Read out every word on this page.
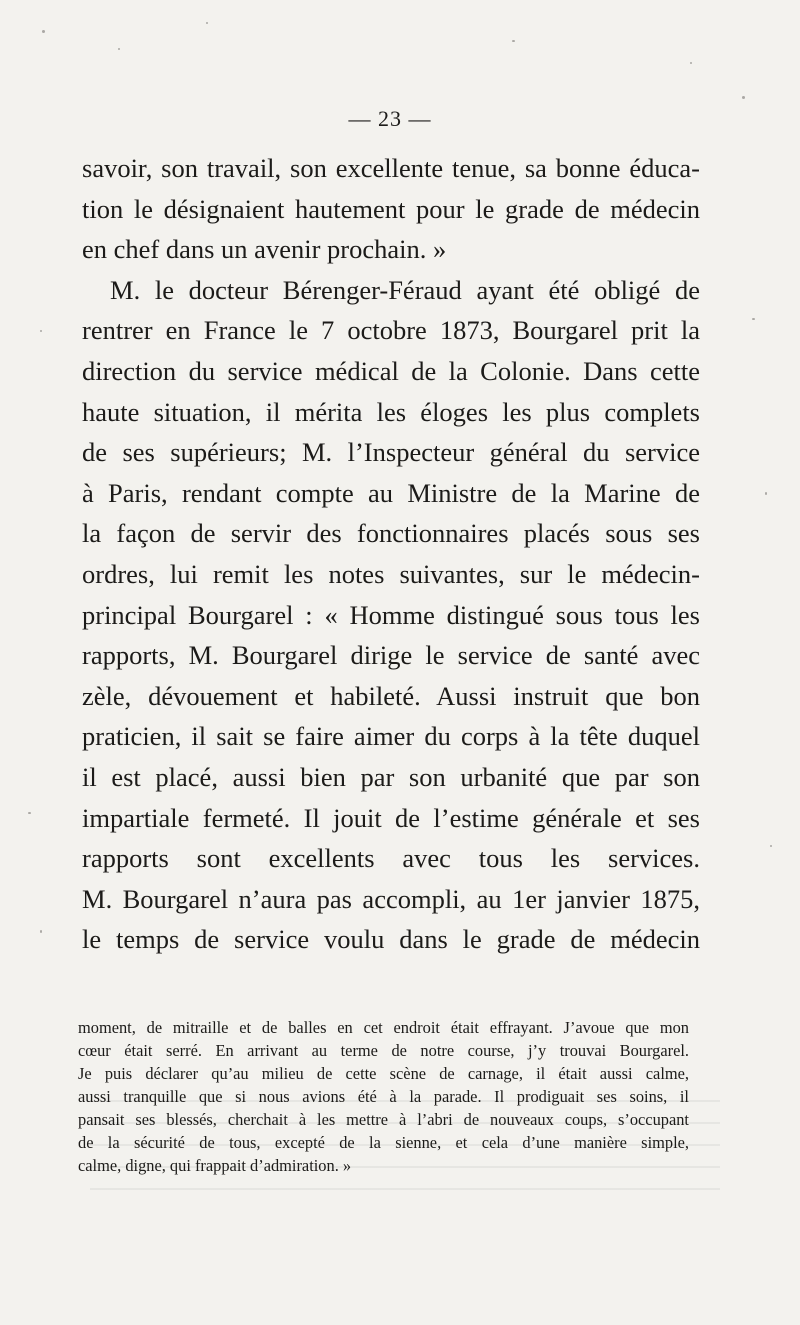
— 23 —
savoir, son travail, son excellente tenue, sa bonne éduca-
tion le désignaient hautement pour le grade de médecin
en chef dans un avenir prochain. »
M. le docteur Bérenger-Féraud ayant été obligé de
rentrer en France le 7 octobre 1873, Bourgarel prit la
direction du service médical de la Colonie. Dans cette
haute situation, il mérita les éloges les plus complets
de ses supérieurs; M. l’Inspecteur général du service
à Paris, rendant compte au Ministre de la Marine de
la façon de servir des fonctionnaires placés sous ses
ordres, lui remit les notes suivantes, sur le médecin-
principal Bourgarel : « Homme distingué sous tous les
rapports, M. Bourgarel dirige le service de santé avec
zèle, dévouement et habileté. Aussi instruit que bon
praticien, il sait se faire aimer du corps à la tête duquel
il est placé, aussi bien par son urbanité que par son
impartiale fermeté. Il jouit de l’estime générale et ses
rapports sont excellents avec tous les services.
M. Bourgarel n’aura pas accompli, au 1er janvier 1875,
le temps de service voulu dans le grade de médecin
moment, de mitraille et de balles en cet endroit était effrayant. J’avoue que mon
cœur était serré. En arrivant au terme de notre course, j’y trouvai Bourgarel.
Je puis déclarer qu’au milieu de cette scène de carnage, il était aussi calme,
aussi tranquille que si nous avions été à la parade. Il prodiguait ses soins, il
pansait ses blessés, cherchait à les mettre à l’abri de nouveaux coups, s’occupant
de la sécurité de tous, excepté de la sienne, et cela d’une manière simple,
calme, digne, qui frappait d’admiration. »
